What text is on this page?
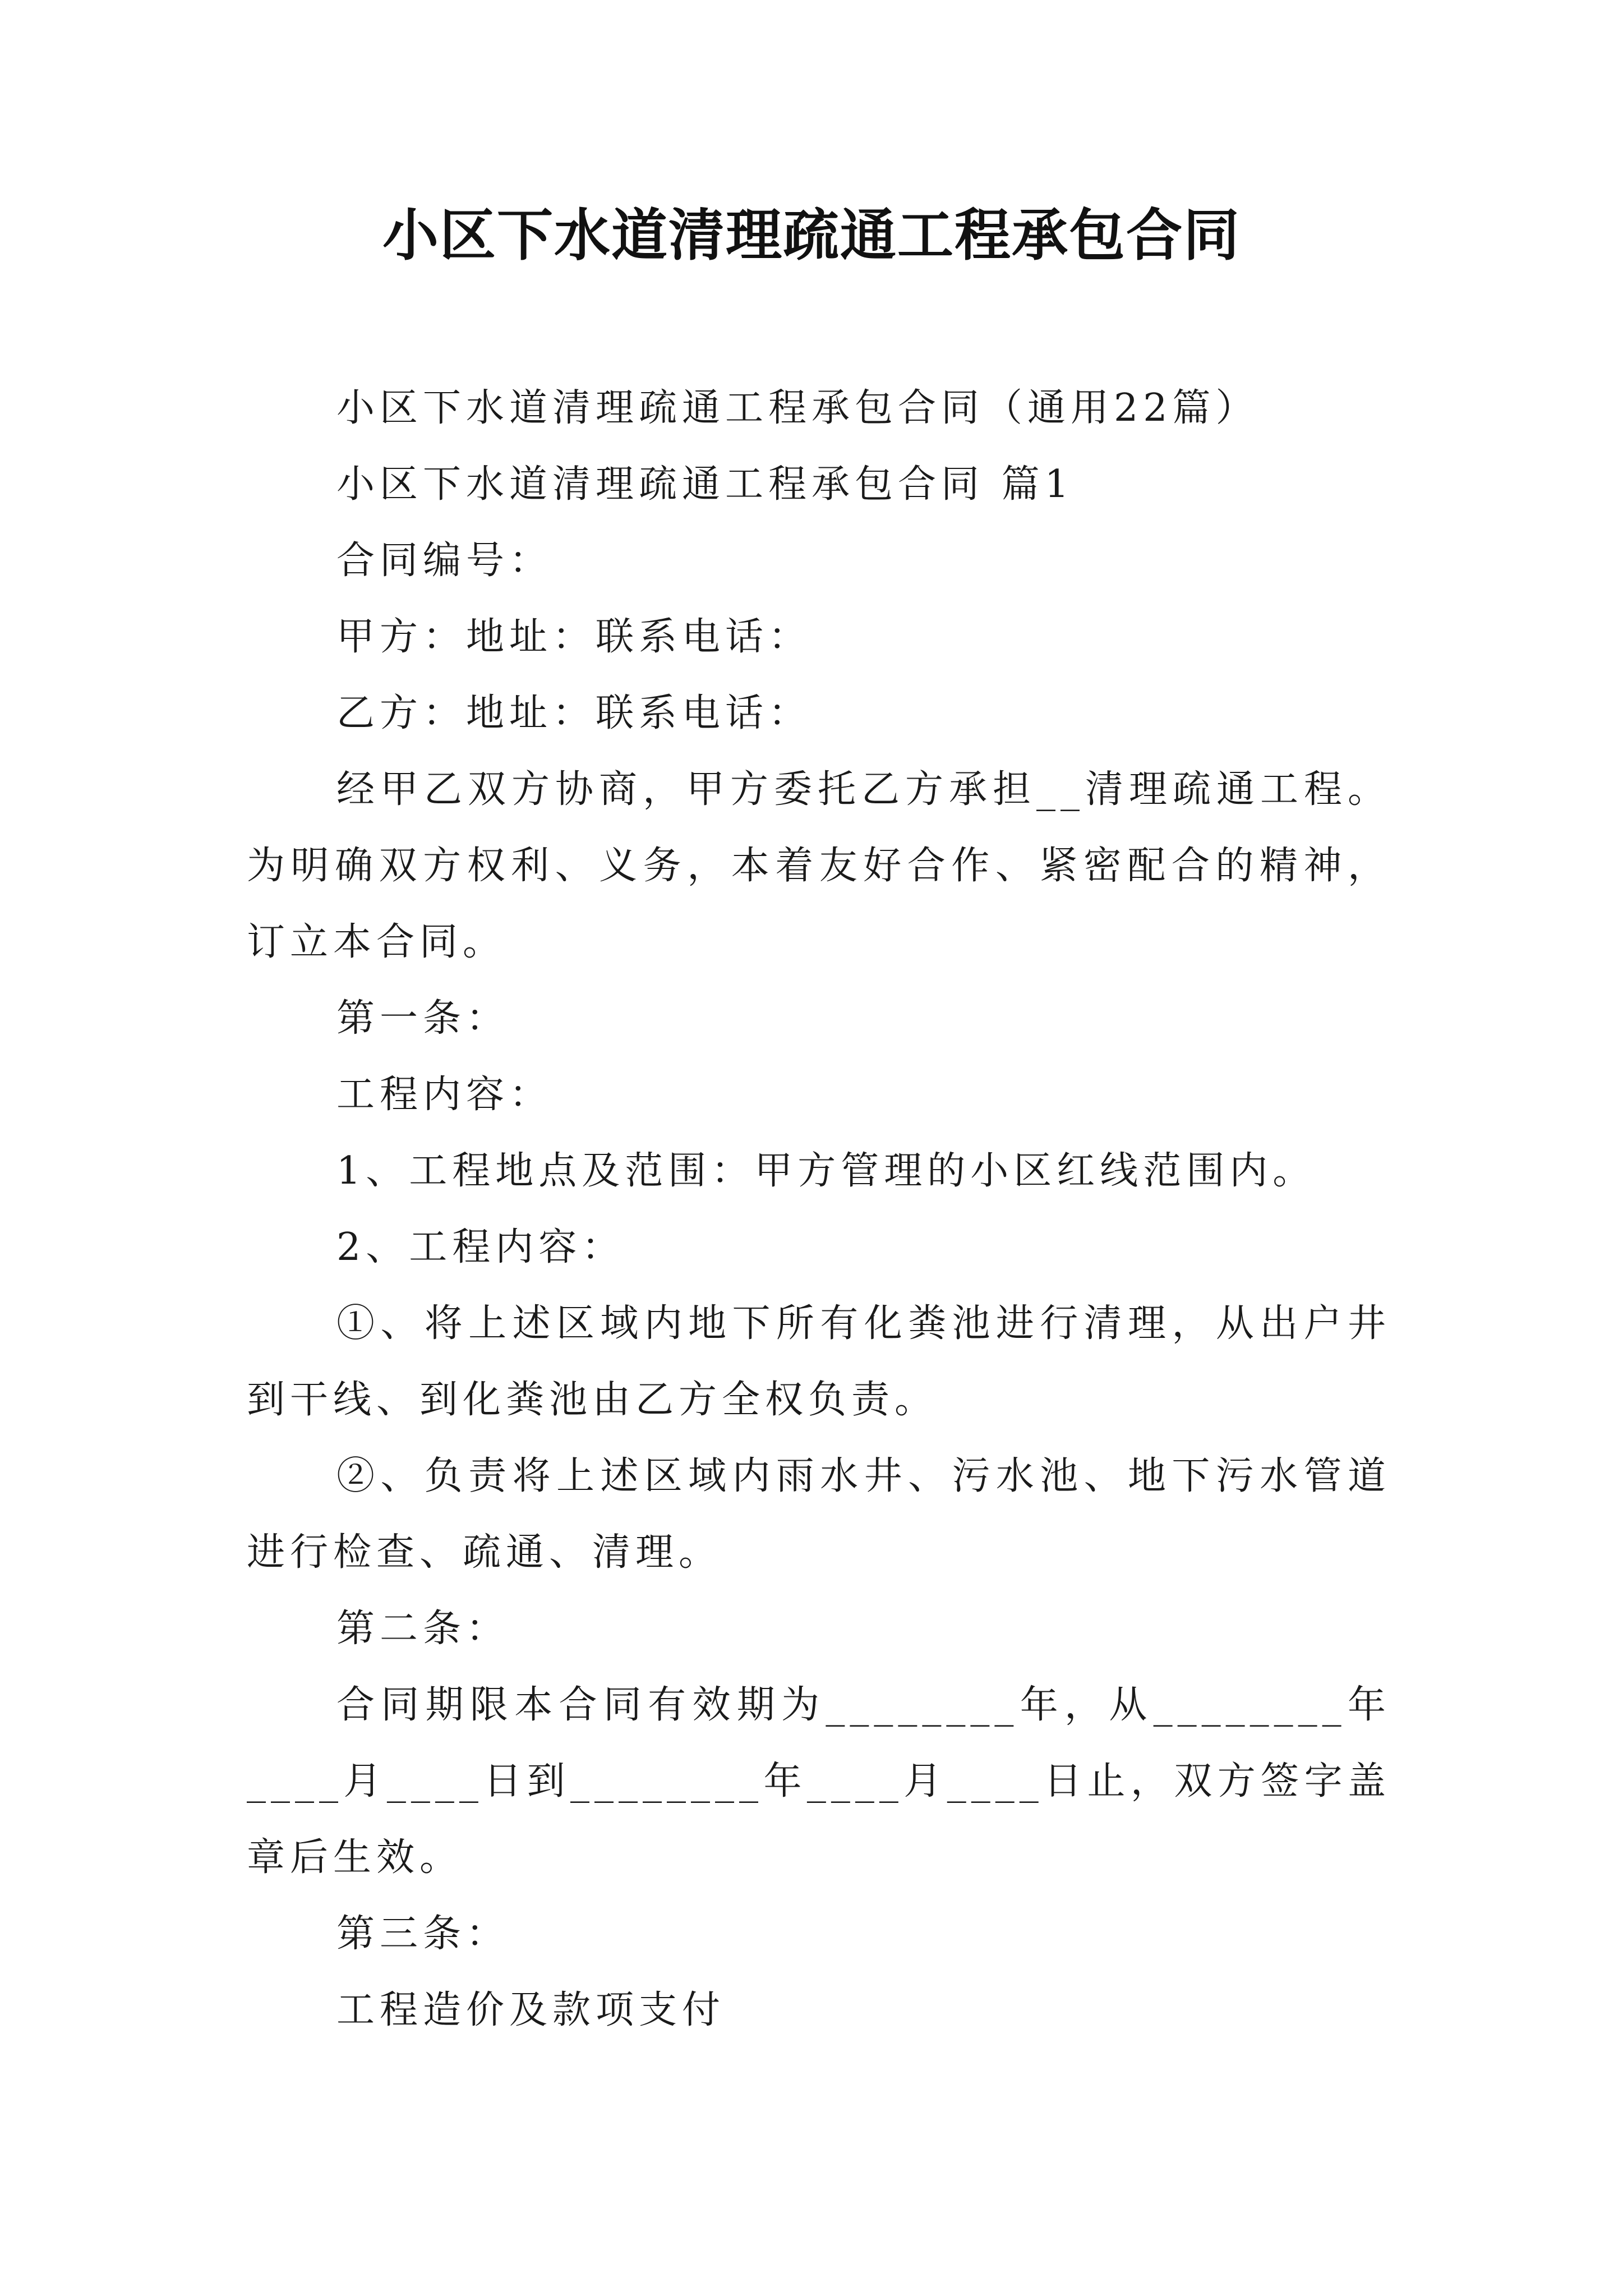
小区下水道清理疏通工程承包合同

小区下水道清理疏通工程承包合同（通用22篇）

小区下水道清理疏通工程承包合同 篇1

合同编号：

甲方：地址：联系电话：

乙方：地址：联系电话：

经甲乙双方协商，甲方委托乙方承担__清理疏通工程。为明确双方权利、义务，本着友好合作、紧密配合的精神，订立本合同。

第一条：

工程内容：

1、工程地点及范围：甲方管理的小区红线范围内。

2、工程内容：

①、将上述区域内地下所有化粪池进行清理，从出户井到干线、到化粪池由乙方全权负责。

②、负责将上述区域内雨水井、污水池、地下污水管道进行检查、疏通、清理。

第二条：

合同期限本合同有效期为________年，从________年____月____日到________年____月____日止，双方签字盖章后生效。

第三条：

工程造价及款项支付
